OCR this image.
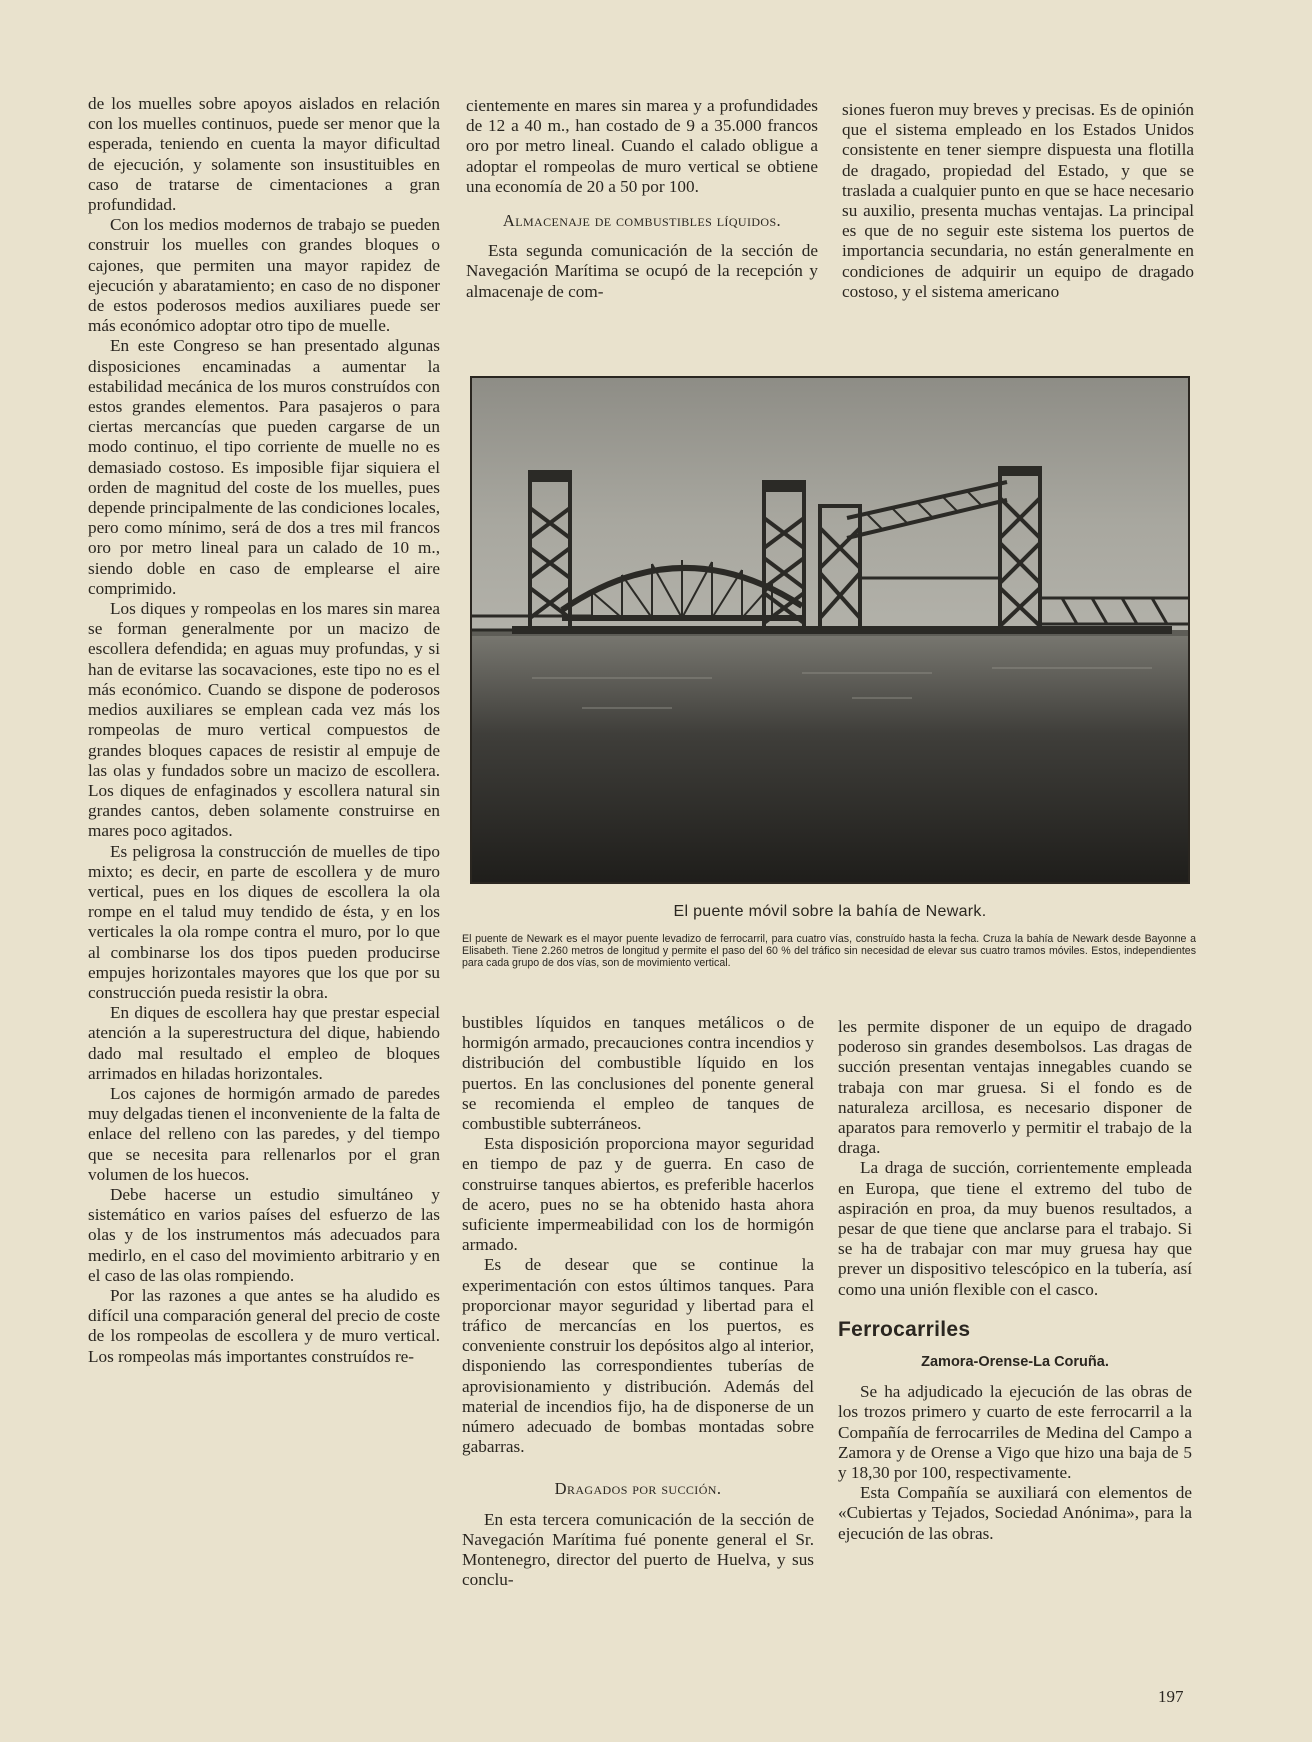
de los muelles sobre apoyos aislados en relación con los muelles continuos, puede ser menor que la esperada, teniendo en cuenta la mayor dificultad de ejecución, y solamente son insustituibles en caso de tratarse de cimentaciones a gran profundidad.

Con los medios modernos de trabajo se pueden construir los muelles con grandes bloques o cajones, que permiten una mayor rapidez de ejecución y abaratamiento; en caso de no disponer de estos poderosos medios auxiliares puede ser más económico adoptar otro tipo de muelle.

En este Congreso se han presentado algunas disposiciones encaminadas a aumentar la estabilidad mecánica de los muros construídos con estos grandes elementos. Para pasajeros o para ciertas mercancías que pueden cargarse de un modo continuo, el tipo corriente de muelle no es demasiado costoso. Es imposible fijar siquiera el orden de magnitud del coste de los muelles, pues depende principalmente de las condiciones locales, pero como mínimo, será de dos a tres mil francos oro por metro lineal para un calado de 10 m., siendo doble en caso de emplearse el aire comprimido.

Los diques y rompeolas en los mares sin marea se forman generalmente por un macizo de escollera defendida; en aguas muy profundas, y si han de evitarse las socavaciones, este tipo no es el más económico. Cuando se dispone de poderosos medios auxiliares se emplean cada vez más los rompeolas de muro vertical compuestos de grandes bloques capaces de resistir al empuje de las olas y fundados sobre un macizo de escollera. Los diques de enfaginados y escollera natural sin grandes cantos, deben solamente construirse en mares poco agitados.

Es peligrosa la construcción de muelles de tipo mixto; es decir, en parte de escollera y de muro vertical, pues en los diques de escollera la ola rompe en el talud muy tendido de ésta, y en los verticales la ola rompe contra el muro, por lo que al combinarse los dos tipos pueden producirse empujes horizontales mayores que los que por su construcción pueda resistir la obra.

En diques de escollera hay que prestar especial atención a la superestructura del dique, habiendo dado mal resultado el empleo de bloques arrimados en hiladas horizontales.

Los cajones de hormigón armado de paredes muy delgadas tienen el inconveniente de la falta de enlace del relleno con las paredes, y del tiempo que se necesita para rellenarlos por el gran volumen de los huecos.

Debe hacerse un estudio simultáneo y sistemático en varios países del esfuerzo de las olas y de los instrumentos más adecuados para medirlo, en el caso del movimiento arbitrario y en el caso de las olas rompiendo.

Por las razones a que antes se ha aludido es difícil una comparación general del precio de coste de los rompeolas de escollera y de muro vertical. Los rompeolas más importantes construídos re-

cientemente en mares sin marea y a profundidades de 12 a 40 m., han costado de 9 a 35.000 francos oro por metro lineal. Cuando el calado obligue a adoptar el rompeolas de muro vertical se obtiene una economía de 20 a 50 por 100.

Almacenaje de combustibles líquidos.

Esta segunda comunicación de la sección de Navegación Marítima se ocupó de la recepción y almacenaje de com-

siones fueron muy breves y precisas. Es de opinión que el sistema empleado en los Estados Unidos consistente en tener siempre dispuesta una flotilla de dragado, propiedad del Estado, y que se traslada a cualquier punto en que se hace necesario su auxilio, presenta muchas ventajas. La principal es que de no seguir este sistema los puertos de importancia secundaria, no están generalmente en condiciones de adquirir un equipo de dragado costoso, y el sistema americano

El puente móvil sobre la bahía de Newark.
El puente de Newark es el mayor puente levadizo de ferrocarril, para cuatro vías, construído hasta la fecha. Cruza la bahía de Newark desde Bayonne a Elisabeth. Tiene 2.260 metros de longitud y permite el paso del 60 % del tráfico sin necesidad de elevar sus cuatro tramos móviles. Estos, independientes para cada grupo de dos vías, son de movimiento vertical.

bustibles líquidos en tanques metálicos o de hormigón armado, precauciones contra incendios y distribución del combustible líquido en los puertos. En las conclusiones del ponente general se recomienda el empleo de tanques de combustible subterráneos.

Esta disposición proporciona mayor seguridad en tiempo de paz y de guerra. En caso de construirse tanques abiertos, es preferible hacerlos de acero, pues no se ha obtenido hasta ahora suficiente impermeabilidad con los de hormigón armado.

Es de desear que se continue la experimentación con estos últimos tanques. Para proporcionar mayor seguridad y libertad para el tráfico de mercancías en los puertos, es conveniente construir los depósitos algo al interior, disponiendo las correspondientes tuberías de aprovisionamiento y distribución. Además del material de incendios fijo, ha de disponerse de un número adecuado de bombas montadas sobre gabarras.

Dragados por succión.

En esta tercera comunicación de la sección de Navegación Marítima fué ponente general el Sr. Montenegro, director del puerto de Huelva, y sus conclu-

les permite disponer de un equipo de dragado poderoso sin grandes desembolsos. Las dragas de succión presentan ventajas innegables cuando se trabaja con mar gruesa. Si el fondo es de naturaleza arcillosa, es necesario disponer de aparatos para removerlo y permitir el trabajo de la draga.

La draga de succión, corrientemente empleada en Europa, que tiene el extremo del tubo de aspiración en proa, da muy buenos resultados, a pesar de que tiene que anclarse para el trabajo. Si se ha de trabajar con mar muy gruesa hay que prever un dispositivo telescópico en la tubería, así como una unión flexible con el casco.

Ferrocarriles
Zamora-Orense-La Coruña.

Se ha adjudicado la ejecución de las obras de los trozos primero y cuarto de este ferrocarril a la Compañía de ferrocarriles de Medina del Campo a Zamora y de Orense a Vigo que hizo una baja de 5 y 18,30 por 100, respectivamente.

Esta Compañía se auxiliará con elementos de «Cubiertas y Tejados, Sociedad Anónima», para la ejecución de las obras.

197
